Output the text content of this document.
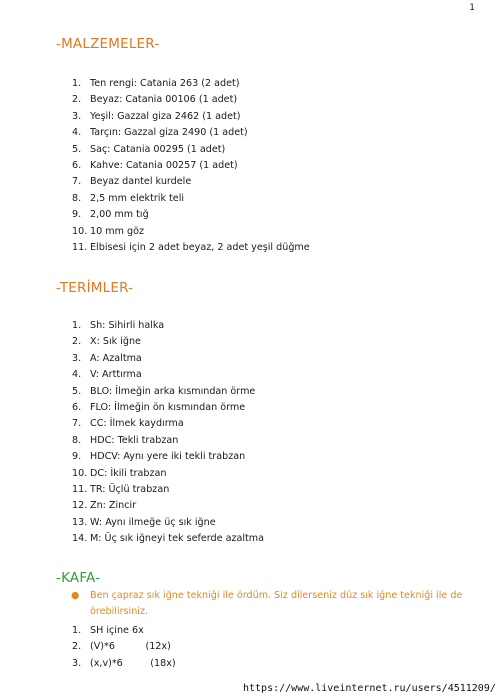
1
-MALZEMELER-
1. Ten rengi: Catania 263 (2 adet)
2. Beyaz: Catania 00106 (1 adet)
3. Yeşil: Gazzal giza 2462 (1 adet)
4. Tarçın: Gazzal giza 2490 (1 adet)
5. Saç: Catania 00295 (1 adet)
6. Kahve: Catania 00257 (1 adet)
7. Beyaz dantel kurdele
8. 2,5 mm elektrik teli
9. 2,00 mm tığ
10. 10 mm göz
11. Elbisesi için 2 adet beyaz, 2 adet yeşil düğme
-TERİMLER-
1. Sh: Sihirli halka
2. X: Sık iğne
3. A: Azaltma
4. V: Arttırma
5. BLO: İlmeğin arka kısmından örme
6. FLO: İlmeğin ön kısmından örme
7. CC: İlmek kaydırma
8. HDC: Tekli trabzan
9. HDCV: Aynı yere iki tekli trabzan
10. DC: İkili trabzan
11. TR: Üçlü trabzan
12. Zn: Zincir
13. W: Aynı ilmeğe üç sık iğne
14. M: Üç sık iğneyi tek seferde azaltma
-KAFA-
●	Ben çapraz sık iğne tekniği ile ördüm. Siz dilerseniz düz sık iğne tekniği ile de örebilirsiniz.
1. SH içine 6x
2. (V)*6          (12x)
3. (x,v)*6         (18x)
https://www.liveinternet.ru/users/4511209/
